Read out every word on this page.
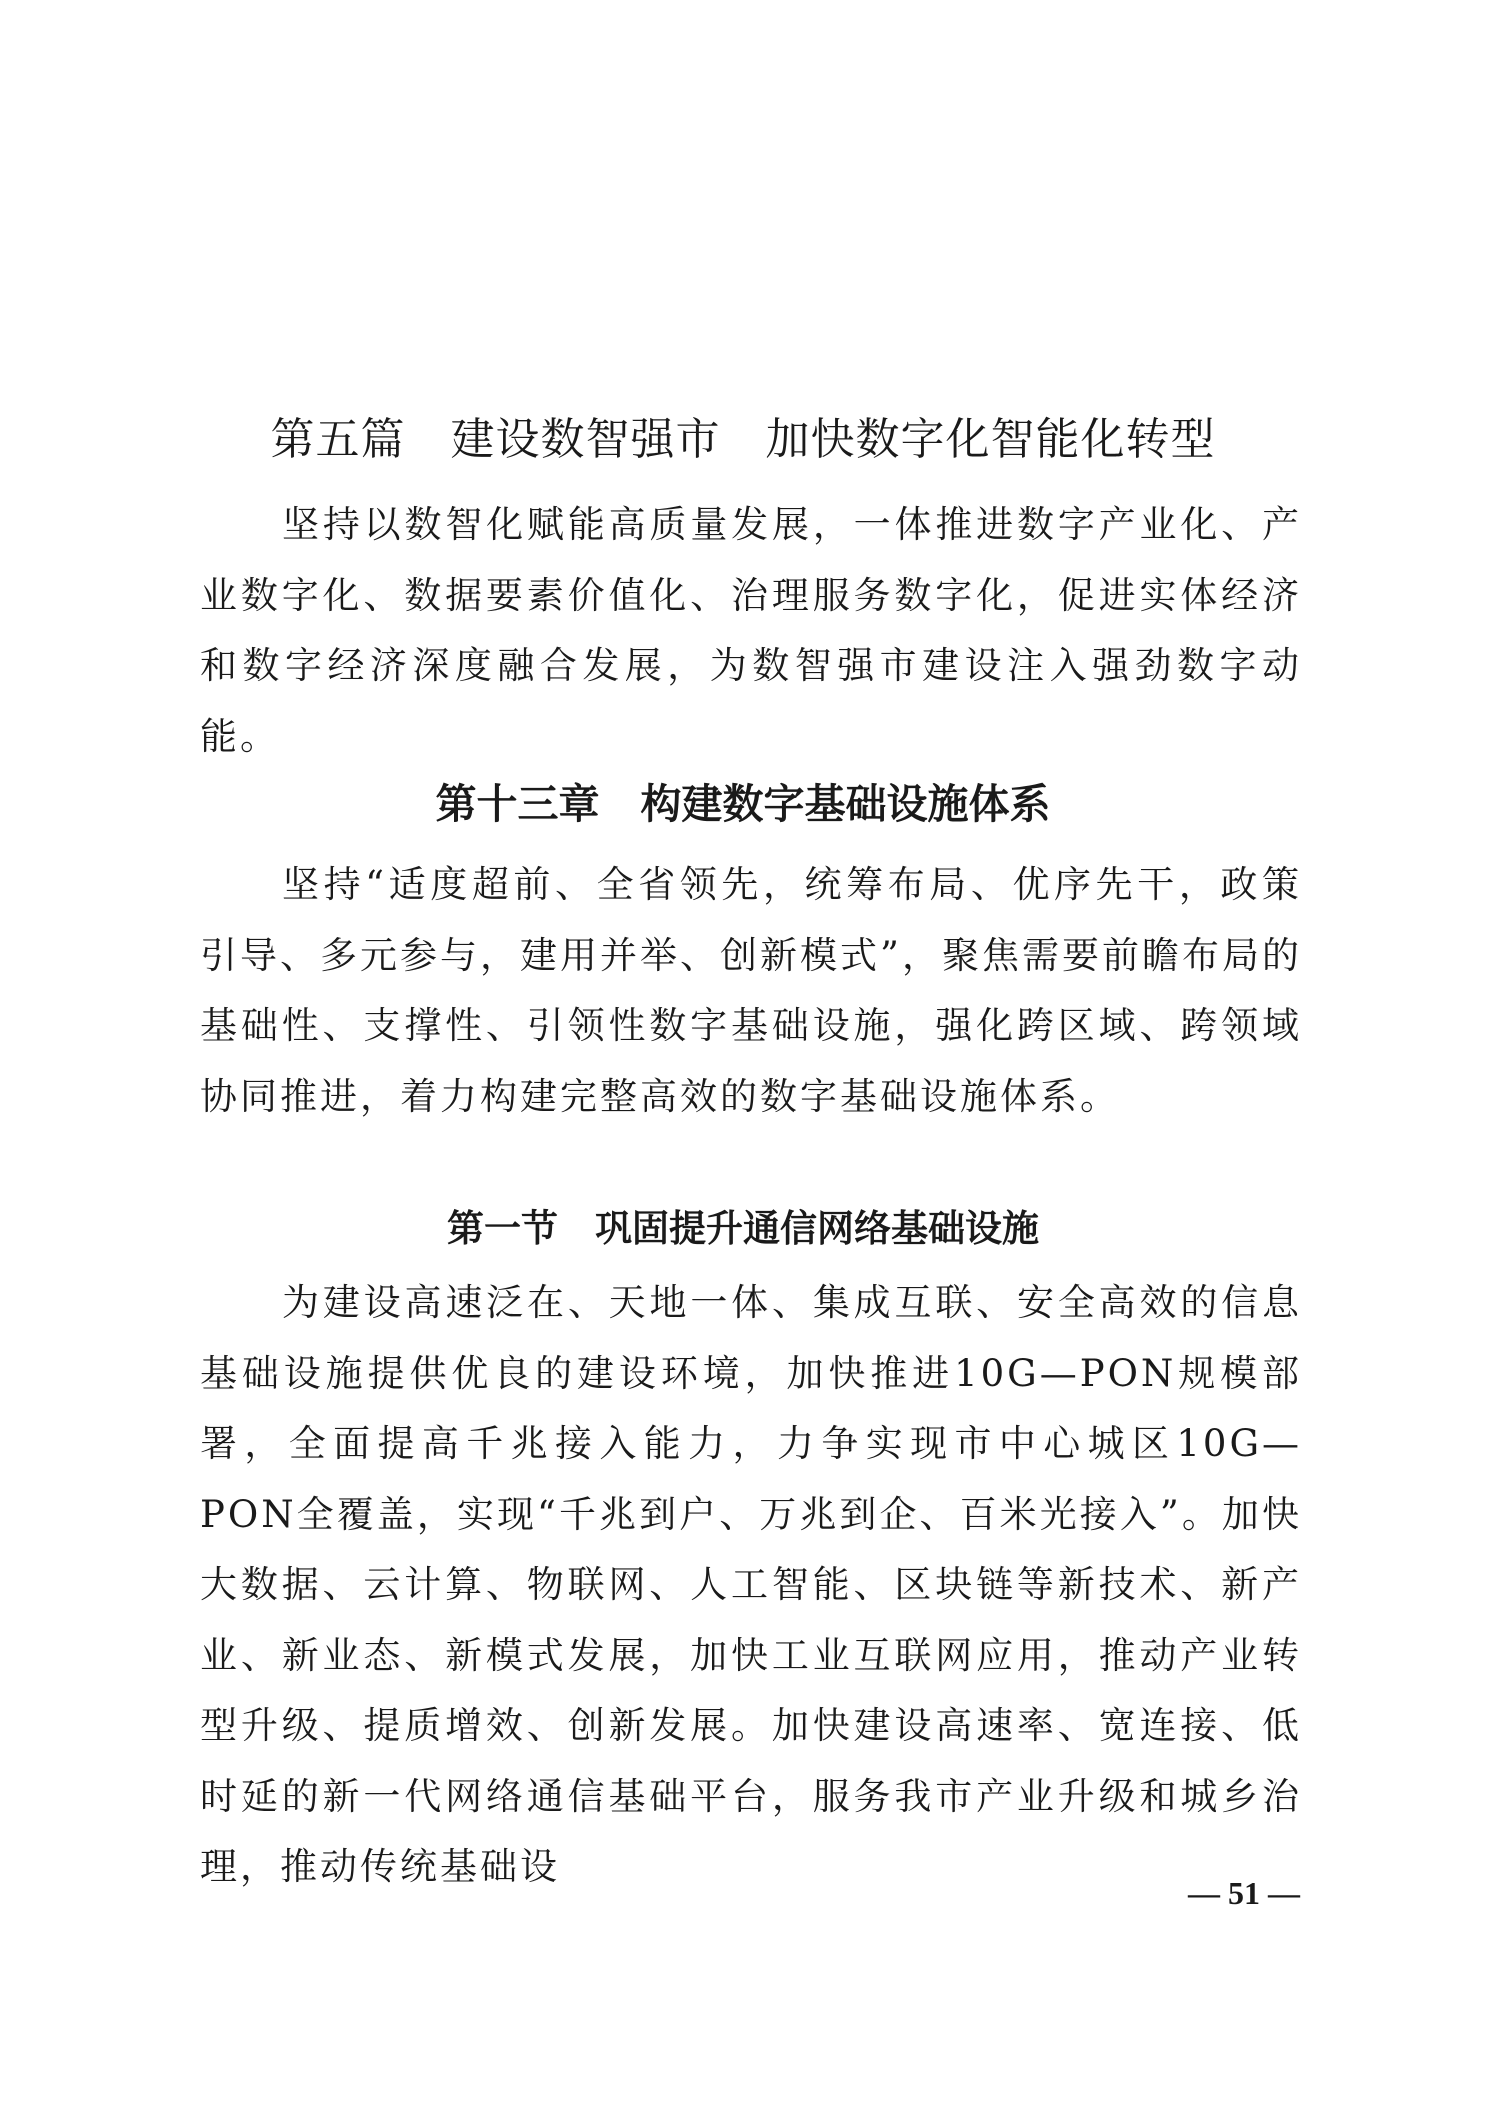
第五篇　建设数智强市　加快数字化智能化转型

坚持以数智化赋能高质量发展，一体推进数字产业化、产业数字化、数据要素价值化、治理服务数字化，促进实体经济和数字经济深度融合发展，为数智强市建设注入强劲数字动能。

第十三章　构建数字基础设施体系

坚持“适度超前、全省领先，统筹布局、优序先干，政策引导、多元参与，建用并举、创新模式”，聚焦需要前瞻布局的基础性、支撑性、引领性数字基础设施，强化跨区域、跨领域协同推进，着力构建完整高效的数字基础设施体系。

第一节　巩固提升通信网络基础设施

为建设高速泛在、天地一体、集成互联、安全高效的信息基础设施提供优良的建设环境，加快推进10G—PON规模部署，全面提高千兆接入能力，力争实现市中心城区10G—PON全覆盖，实现“千兆到户、万兆到企、百米光接入”。加快大数据、云计算、物联网、人工智能、区块链等新技术、新产业、新业态、新模式发展，加快工业互联网应用，推动产业转型升级、提质增效、创新发展。加快建设高速率、宽连接、低时延的新一代网络通信基础平台，服务我市产业升级和城乡治理，推动传统基础设

— 51 —
